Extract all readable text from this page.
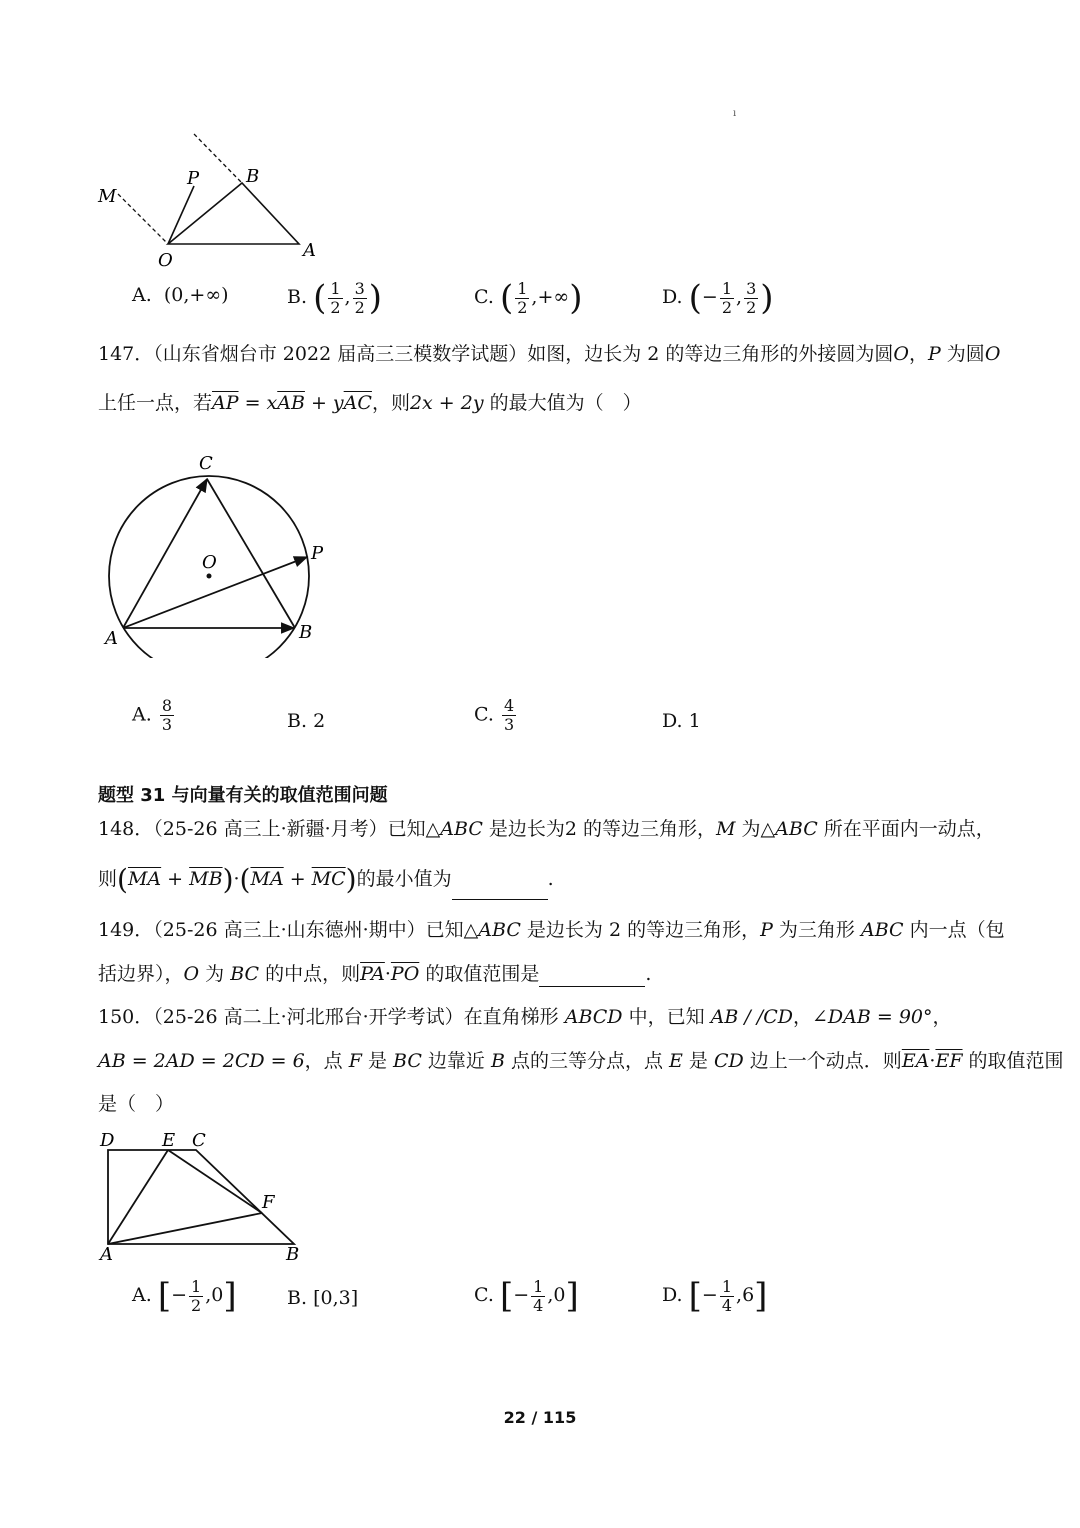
ı
M
P	B
A
O
A. (0,+∞)	B. ( $\frac{1}{2}$ , $\frac{3}{2}$ )	C. ( $\frac{1}{2}$ ,+∞)	D. (− $\frac{1}{2}$ , $\frac{3}{2}$ )
147．（山东省烟台市 2022 届高三三模数学试题）如图，边长为 2 的等边三角形的外接圆为圆O，P 为圆O
上任一点，若$\overline{AP} = x\overline{AB} + y\overline{AC}$，则2x + 2y 的最大值为（　）
C
O	P
A	B
A. $\frac{8}{3}$	B. 2	C. $\frac{4}{3}$	D. 1
题型 31 与向量有关的取值范围问题
148．（25-26 高三上·新疆·月考）已知△ABC 是边长为2 的等边三角形，M 为△ABC 所在平面内一动点，
则$(\overline{MA} + \overline{MB})\cdot(\overline{MA} + \overline{MC})$的最小值为	.
149．（25-26 高三上·山东德州·期中）已知△ABC 是边长为 2 的等边三角形，P 为三角形 ABC 内一点（包
括边界），O 为 BC 的中点，则$\overline{PA}\cdot\overline{PO}$ 的取值范围是	.
150．（25-26 高二上·河北邢台·开学考试）在直角梯形 ABCD 中，已知 AB / /CD，∠DAB = 90°，
AB = 2AD = 2CD = 6，点 F 是 BC 边靠近 B 点的三等分点，点 E 是 CD 边上一个动点．则$\overline{EA}\cdot\overline{EF}$ 的取值范围
是（　）
D	E C
F
A	B
A. [− $\frac{1}{2} ,0$]	B. [0,3]	C. [− $\frac{1}{4} ,0$]	D. [− $\frac{1}{4} ,6$]
22 / 115
